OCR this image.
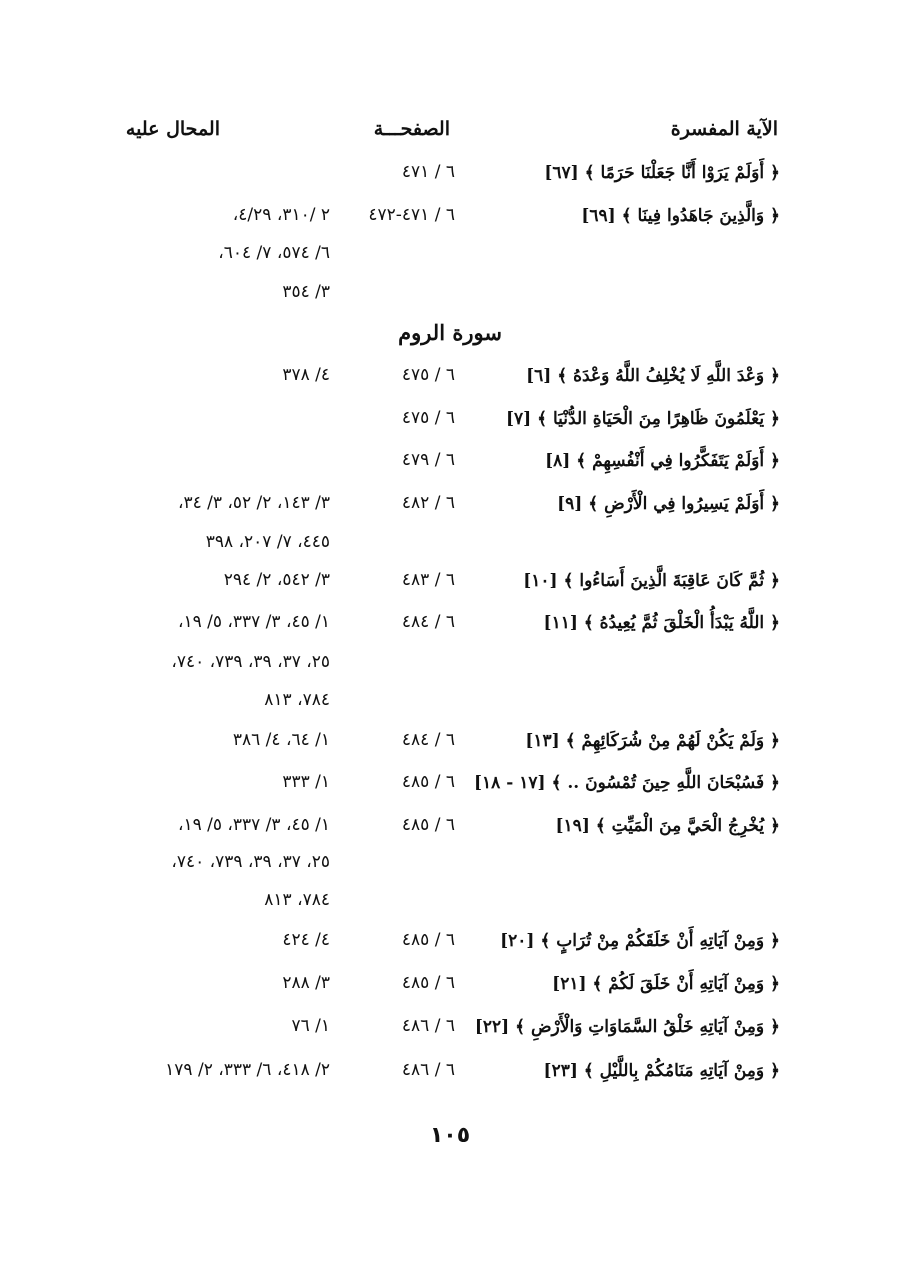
الآية المفسرة
الصفحـــة
المحال عليه
﴿ أَوَلَمْ يَرَوْا أَنَّا جَعَلْنَا حَرَمًا ﴾ [٦٧]
٦ / ٤٧١
﴿ وَالَّذِينَ جَاهَدُوا فِينَا ﴾ [٦٩]
٦ / ٤٧١-٤٧٢
٢ /٣١٠، ٤/٢٩،
٦/ ٥٧٤، ٧/ ٦٠٤،
٣/ ٣٥٤
سورة الروم
﴿ وَعْدَ اللَّهِ لَا يُخْلِفُ اللَّهُ وَعْدَهُ ﴾ [٦]
٦ / ٤٧٥
٤/ ٣٧٨
﴿ يَعْلَمُونَ ظَاهِرًا مِنَ الْحَيَاةِ الدُّنْيَا ﴾ [٧]
٦ / ٤٧٥
﴿ أَوَلَمْ يَتَفَكَّرُوا فِي أَنْفُسِهِمْ ﴾ [٨]
٦ / ٤٧٩
﴿ أَوَلَمْ يَسِيرُوا فِي الْأَرْضِ ﴾ [٩]
٦ / ٤٨٢
٣/ ١٤٣، ٢/ ٥٢، ٣/ ٣٤،
٤٤٥، ٧/ ٢٠٧، ٣٩٨
﴿ ثُمَّ كَانَ عَاقِبَةَ الَّذِينَ أَسَاءُوا ﴾ [١٠]
٦ / ٤٨٣
٣/ ٥٤٢، ٢/ ٢٩٤
﴿ اللَّهُ يَبْدَأُ الْخَلْقَ ثُمَّ يُعِيدُهُ ﴾ [١١]
٦ / ٤٨٤
١/ ٤٥، ٣/ ٣٣٧، ٥/ ١٩،
٢٥، ٣٧، ٣٩، ٧٣٩، ٧٤٠،
٧٨٤، ٨١٣
﴿ وَلَمْ يَكُنْ لَهُمْ مِنْ شُرَكَائِهِمْ ﴾ [١٣]
٦ / ٤٨٤
١/ ٦٤، ٤/ ٣٨٦
﴿ فَسُبْحَانَ اللَّهِ حِينَ تُمْسُونَ .. ﴾ [١٧ - ١٨]
٦ / ٤٨٥
١/ ٣٣٣
﴿ يُخْرِجُ الْحَيَّ مِنَ الْمَيِّتِ ﴾ [١٩]
٦ / ٤٨٥
١/ ٤٥، ٣/ ٣٣٧، ٥/ ١٩،
٢٥، ٣٧، ٣٩، ٧٣٩، ٧٤٠،
٧٨٤، ٨١٣
﴿ وَمِنْ آيَاتِهِ أَنْ خَلَقَكُمْ مِنْ تُرَابٍ ﴾ [٢٠]
٦ / ٤٨٥
٤/ ٤٢٤
﴿ وَمِنْ آيَاتِهِ أَنْ خَلَقَ لَكُمْ ﴾ [٢١]
٦ / ٤٨٥
٣/ ٢٨٨
﴿ وَمِنْ آيَاتِهِ خَلْقُ السَّمَاوَاتِ وَالْأَرْضِ ﴾ [٢٢]
٦ / ٤٨٦
١/ ٧٦
﴿ وَمِنْ آيَاتِهِ مَنَامُكُمْ بِاللَّيْلِ ﴾ [٢٣]
٦ / ٤٨٦
٢/ ٤١٨، ٦/ ٣٣٣، ٢/ ١٧٩
١٠٥
